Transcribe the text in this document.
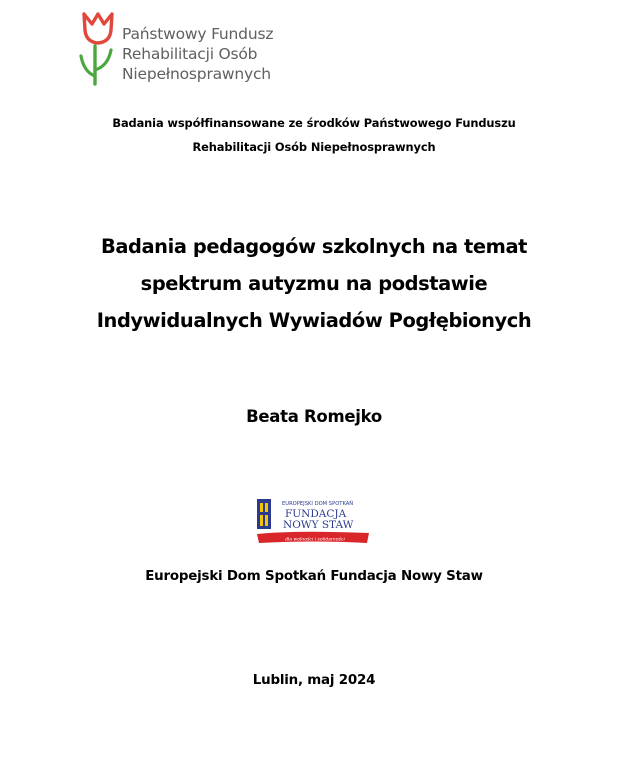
Państwowy Fundusz
Rehabilitacji Osób
Niepełnosprawnych
Badania współfinansowane ze środków Państwowego Funduszu
Rehabilitacji Osób Niepełnosprawnych
Badania pedagogów szkolnych na temat
spektrum autyzmu na podstawie
Indywidualnych Wywiadów Pogłębionych
Beata Romejko
EUROPEJSKI DOM SPOTKAŃ
FUNDACJA
NOWY STAW
dla wolności i solidarności
Europejski Dom Spotkań Fundacja Nowy Staw
Lublin, maj 2024
